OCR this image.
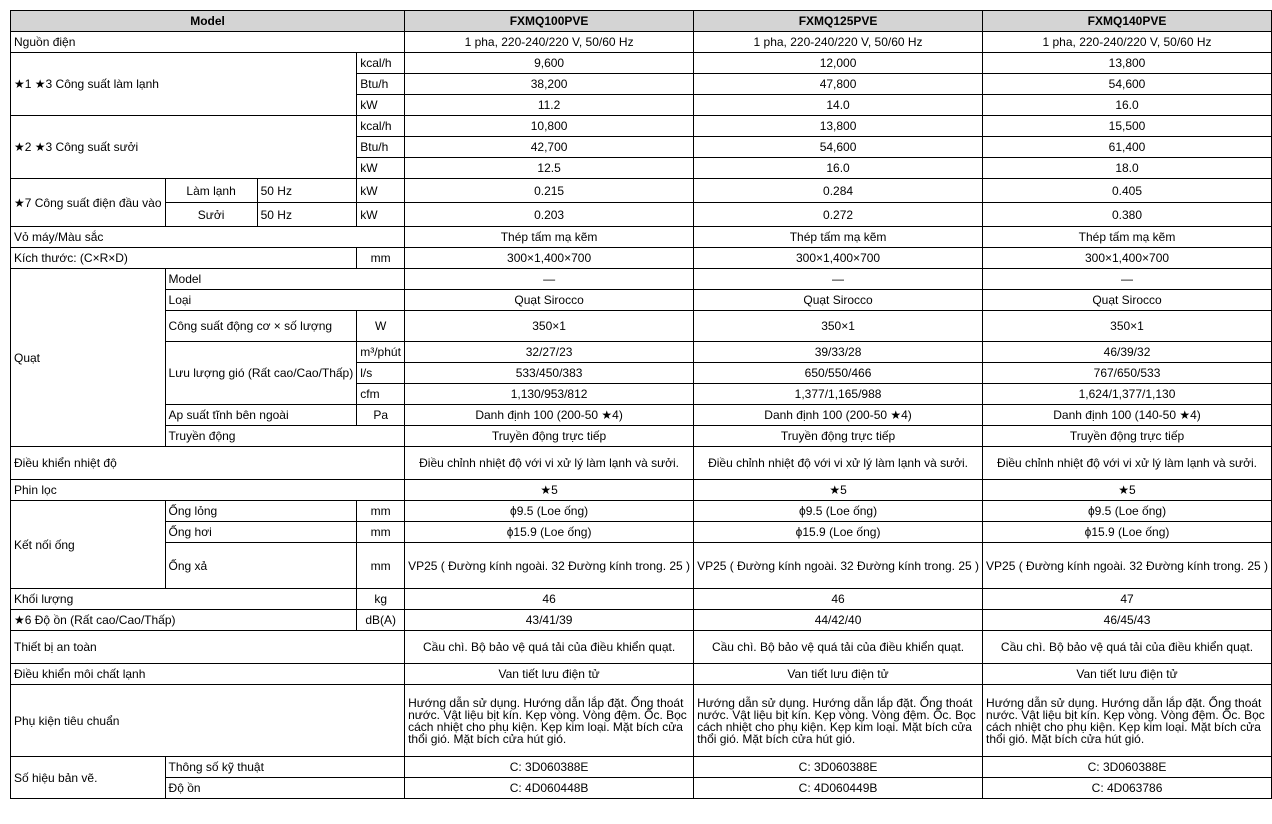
Model				FXMQ100PVE	FXMQ125PVE	FXMQ140PVE
Nguồn điện				1 pha, 220-240/220 V, 50/60 Hz	1 pha, 220-240/220 V, 50/60 Hz	1 pha, 220-240/220 V, 50/60 Hz
★1 ★3 Công suất làm lạnh			kcal/h	9,600	12,000	13,800
			Btu/h	38,200	47,800	54,600
			kW	11.2	14.0	16.0
★2 ★3 Công suất sưởi			kcal/h	10,800	13,800	15,500
			Btu/h	42,700	54,600	61,400
			kW	12.5	16.0	18.0
★7 Công suất điện đầu vào	Làm lạnh	50 Hz	kW	0.215	0.284	0.405
	Sưởi	50 Hz	kW	0.203	0.272	0.380
Vỏ máy/Màu sắc				Thép tấm mạ kẽm	Thép tấm mạ kẽm	Thép tấm mạ kẽm
Kích thước: (C×R×D)			mm	300×1,400×700	300×1,400×700	300×1,400×700
Quạt	Model			—	—	—
	Loại			Quạt Sirocco	Quạt Sirocco	Quạt Sirocco
	Công suất động cơ × số lượng		W	350×1	350×1	350×1
	Lưu lượng gió (Rất cao/Cao/Thấp)		m³/phút	32/27/23	39/33/28	46/39/32
			l/s	533/450/383	650/550/466	767/650/533
			cfm	1,130/953/812	1,377/1,165/988	1,624/1,377/1,130
	Ap suất tĩnh bên ngoài		Pa	Danh định 100 (200-50 ★4)	Danh định 100 (200-50 ★4)	Danh định 100 (140-50 ★4)
	Truyền động			Truyền động trực tiếp	Truyền động trực tiếp	Truyền động trực tiếp
Điều khiển nhiệt độ				Điều chỉnh nhiệt độ với vi xử lý làm lạnh và sưởi.	Điều chỉnh nhiệt độ với vi xử lý làm lạnh và sưởi.	Điều chỉnh nhiệt độ với vi xử lý làm lạnh và sưởi.
Phin lọc				★5	★5	★5
Kết nối ống	Ống lỏng		mm	ϕ9.5 (Loe ống)	ϕ9.5 (Loe ống)	ϕ9.5 (Loe ống)
	Ống hơi		mm	ϕ15.9 (Loe ống)	ϕ15.9 (Loe ống)	ϕ15.9 (Loe ống)
	Ống xả		mm	VP25 ( Đường kính ngoài. 32 Đường kính trong. 25 )	VP25 ( Đường kính ngoài. 32 Đường kính trong. 25 )	VP25 ( Đường kính ngoài. 32 Đường kính trong. 25 )
Khối lượng			kg	46	46	47
★6 Độ ồn (Rất cao/Cao/Thấp)			dB(A)	43/41/39	44/42/40	46/45/43
Thiết bị an toàn				Cầu chì. Bộ bảo vệ quá tải của điều khiển quạt.	Cầu chì. Bộ bảo vệ quá tải của điều khiển quạt.	Cầu chì. Bộ bảo vệ quá tải của điều khiển quạt.
Điều khiển môi chất lạnh				Van tiết lưu điện tử	Van tiết lưu điện tử	Van tiết lưu điện tử
Phụ kiện tiêu chuẩn				Hướng dẫn sử dụng. Hướng dẫn lắp đặt. Ống thoát nước. Vật liệu bịt kín. Kẹp vòng. Vòng đệm. Ốc. Bọc cách nhiệt cho phụ kiện. Kẹp kim loại. Mặt bích cửa thổi gió. Mặt bích cửa hút gió.	Hướng dẫn sử dụng. Hướng dẫn lắp đặt. Ống thoát nước. Vật liệu bịt kín. Kẹp vòng. Vòng đệm. Ốc. Bọc cách nhiệt cho phụ kiện. Kẹp kim loại. Mặt bích cửa thổi gió. Mặt bích cửa hút gió.	Hướng dẫn sử dụng. Hướng dẫn lắp đặt. Ống thoát nước. Vật liệu bịt kín. Kẹp vòng. Vòng đệm. Ốc. Bọc cách nhiệt cho phụ kiện. Kẹp kim loại. Mặt bích cửa thổi gió. Mặt bích cửa hút gió.
Số hiệu bản vẽ.	Thông số kỹ thuật			C: 3D060388E	C: 3D060388E	C: 3D060388E
	Độ ồn			C: 4D060448B	C: 4D060449B	C: 4D063786
